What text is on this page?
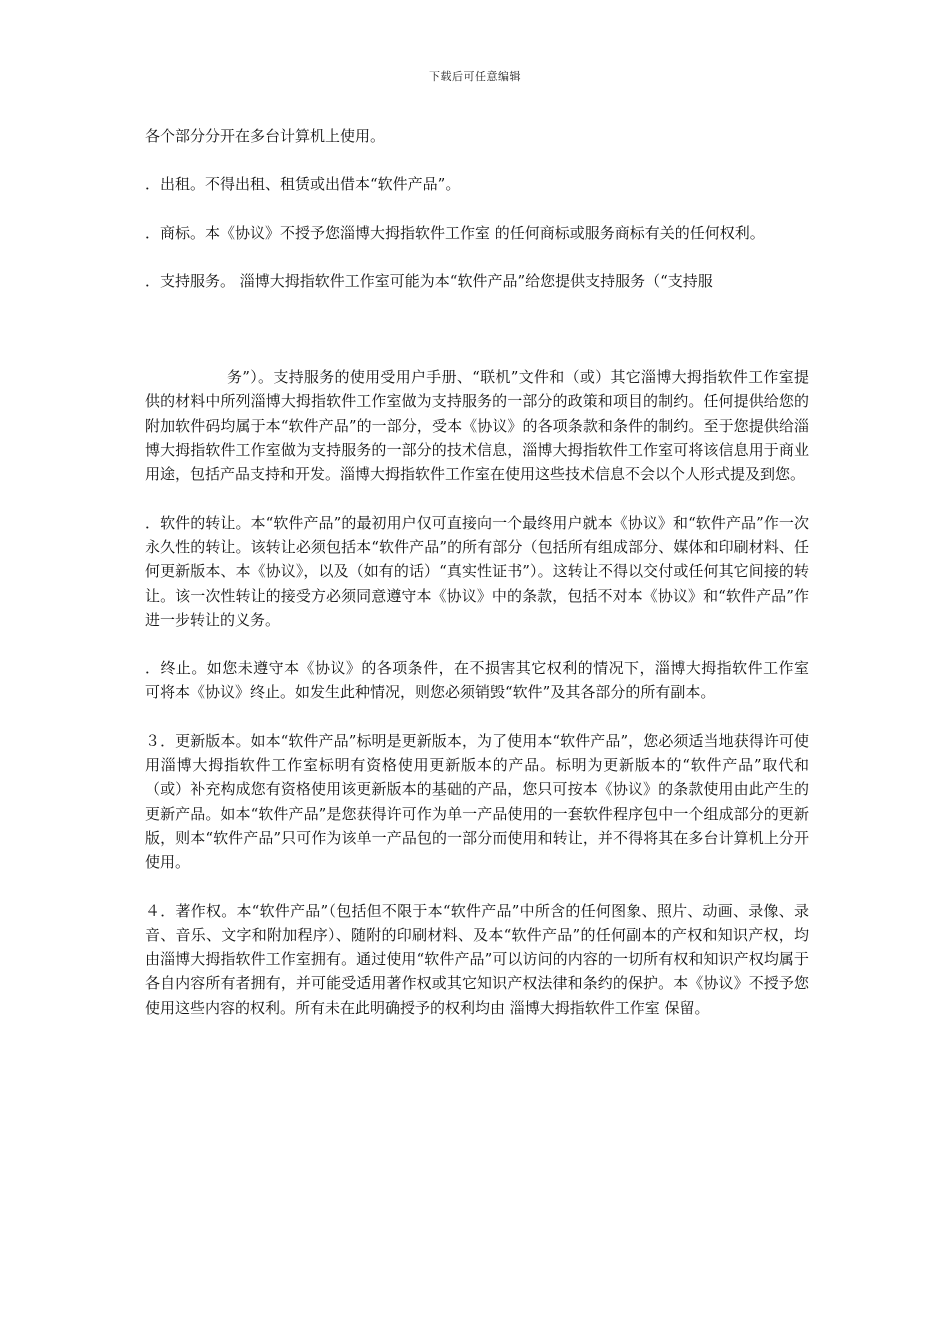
下载后可任意编辑

各个部分分开在多台计算机上使用。

．出租。不得出租、租赁或出借本“软件产品”。

．商标。本《协议》不授予您淄博大拇指软件工作室 的任何商标或服务商标有关的任何权利。

．支持服务。 淄博大拇指软件工作室可能为本“软件产品”给您提供支持服务（“支持服

务”）。支持服务的使用受用户手册、“联机”文件和（或）其它淄博大拇指软件工作室提供的材料中所列淄博大拇指软件工作室做为支持服务的一部分的政策和项目的制约。任何提供给您的附加软件码均属于本“软件产品”的一部分，受本《协议》的各项条款和条件的制约。至于您提供给淄博大拇指软件工作室做为支持服务的一部分的技术信息，淄博大拇指软件工作室可将该信息用于商业用途，包括产品支持和开发。淄博大拇指软件工作室在使用这些技术信息不会以个人形式提及到您。

．软件的转让。本“软件产品”的最初用户仅可直接向一个最终用户就本《协议》和“软件产品”作一次永久性的转让。该转让必须包括本“软件产品”的所有部分（包括所有组成部分、媒体和印刷材料、任何更新版本、本《协议》，以及（如有的话）“真实性证书”）。这转让不得以交付或任何其它间接的转让。该一次性转让的接受方必须同意遵守本《协议》中的条款，包括不对本《协议》和“软件产品”作进一步转让的义务。

．终止。如您未遵守本《协议》的各项条件，在不损害其它权利的情况下，淄博大拇指软件工作室 可将本《协议》终止。如发生此种情况，则您必须销毁“软件”及其各部分的所有副本。

３．更新版本。如本“软件产品”标明是更新版本，为了使用本“软件产品”，您必须适当地获得许可使用淄博大拇指软件工作室标明有资格使用更新版本的产品。标明为更新版本的“软件产品”取代和（或）补充构成您有资格使用该更新版本的基础的产品，您只可按本《协议》的条款使用由此产生的更新产品。如本“软件产品”是您获得许可作为单一产品使用的一套软件程序包中一个组成部分的更新版，则本“软件产品”只可作为该单一产品包的一部分而使用和转让，并不得将其在多台计算机上分开使用。

４．著作权。本“软件产品”（包括但不限于本“软件产品”中所含的任何图象、照片、动画、录像、录音、音乐、文字和附加程序）、随附的印刷材料、及本“软件产品”的任何副本的产权和知识产权，均由淄博大拇指软件工作室拥有。通过使用“软件产品”可以访问的内容的一切所有权和知识产权均属于各自内容所有者拥有，并可能受适用著作权或其它知识产权法律和条约的保护。本《协议》不授予您使用这些内容的权利。所有未在此明确授予的权利均由 淄博大拇指软件工作室 保留。
